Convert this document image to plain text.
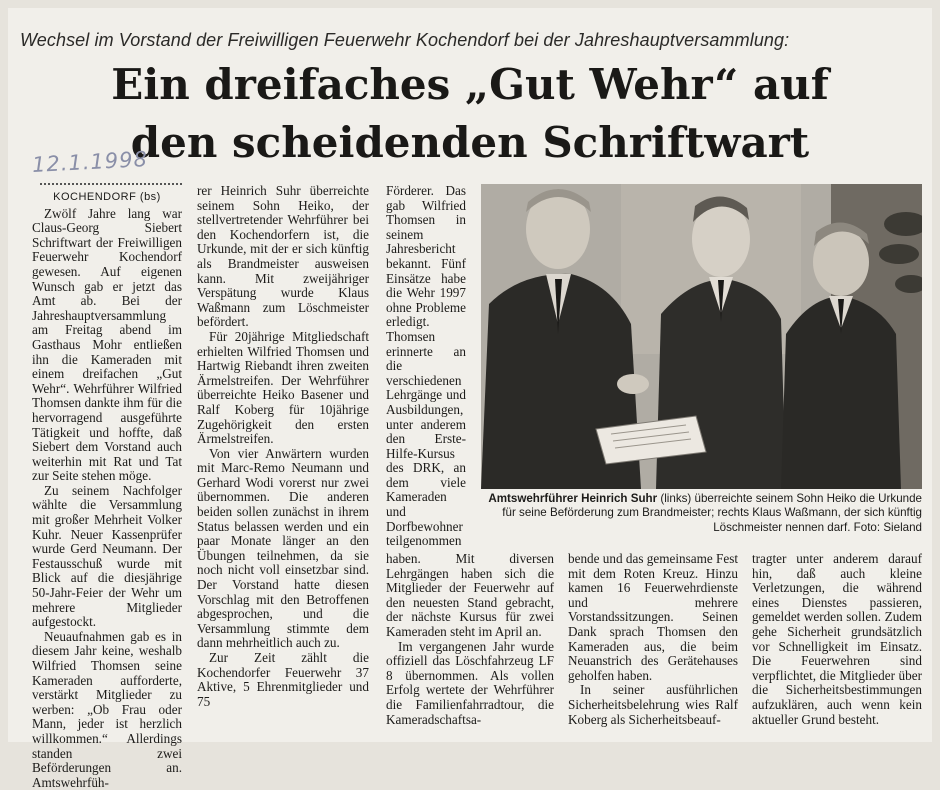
Wechsel im Vorstand der Freiwilligen Feuerwehr Kochendorf bei der Jahreshauptversammlung:
Ein dreifaches „Gut Wehr“ auf
den scheidenden Schriftwart
12.1.1998

KOCHENDORF (bs)

Zwölf Jahre lang war Claus-Georg Siebert Schriftwart der Freiwilligen Feuerwehr Kochendorf gewesen. Auf eigenen Wunsch gab er jetzt das Amt ab. Bei der Jahreshauptversammlung am Freitag abend im Gasthaus Mohr entließen ihn die Kameraden mit einem dreifachen „Gut Wehr“. Wehrführer Wilfried Thomsen dankte ihm für die hervorragend ausgeführte Tätigkeit und hoffte, daß Siebert dem Vorstand auch weiterhin mit Rat und Tat zur Seite stehen möge.

Zu seinem Nachfolger wählte die Versammlung mit großer Mehrheit Volker Kuhr. Neuer Kassenprüfer wurde Gerd Neumann. Der Festausschuß wurde mit Blick auf die diesjährige 50-Jahr-Feier der Wehr um mehrere Mitglieder aufgestockt.

Neuaufnahmen gab es in diesem Jahr keine, weshalb Wilfried Thomsen seine Kameraden aufforderte, verstärkt Mitglieder zu werben: „Ob Frau oder Mann, jeder ist herzlich willkommen.“ Allerdings standen zwei Beförderungen an. Amtswehrfüh-

rer Heinrich Suhr überreichte seinem Sohn Heiko, der stellvertretender Wehrführer bei den Kochendorfern ist, die Urkunde, mit der er sich künftig als Brandmeister ausweisen kann. Mit zweijähriger Verspätung wurde Klaus Waßmann zum Löschmeister befördert.

Für 20jährige Mitgliedschaft erhielten Wilfried Thomsen und Hartwig Riebandt ihren zweiten Ärmelstreifen. Der Wehrführer überreichte Heiko Basener und Ralf Koberg für 10jährige Zugehörigkeit den ersten Ärmelstreifen.

Von vier Anwärtern wurden mit Marc-Remo Neumann und Gerhard Wodi vorerst nur zwei übernommen. Die anderen beiden sollen zunächst in ihrem Status belassen werden und ein paar Monate länger an den Übungen teilnehmen, da sie noch nicht voll einsetzbar sind. Der Vorstand hatte diesen Vorschlag mit den Betroffenen abgesprochen, und die Versammlung stimmte dem dann mehrheitlich auch zu.

Zur Zeit zählt die Kochendorfer Feuerwehr 37 Aktive, 5 Ehrenmitglieder und 75

Förderer. Das gab Wilfried Thomsen in seinem Jahresbericht bekannt. Fünf Einsätze habe die Wehr 1997 ohne Probleme erledigt. Thomsen erinnerte an die verschiedenen Lehrgänge und Ausbildungen, unter anderem den Erste-Hilfe-Kursus des DRK, an dem viele Kameraden und Dorfbewohner teilgenommen

haben. Mit diversen Lehrgängen haben sich die Mitglieder der Feuerwehr auf den neuesten Stand gebracht, der nächste Kursus für zwei Kameraden steht im April an.

Im vergangenen Jahr wurde offiziell das Löschfahrzeug LF 8 übernommen. Als vollen Erfolg wertete der Wehrführer die Familienfahrradtour, die Kameradschaftsa-

bende und das gemeinsame Fest mit dem Roten Kreuz. Hinzu kamen 16 Feuerwehrdienste und mehrere Vorstandssitzungen. Seinen Dank sprach Thomsen den Kameraden aus, die beim Neuanstrich des Gerätehauses geholfen haben.

In seiner ausführlichen Sicherheitsbelehrung wies Ralf Koberg als Sicherheitsbeauf-

tragter unter anderem darauf hin, daß auch kleine Verletzungen, die während eines Dienstes passieren, gemeldet werden sollen. Zudem gehe Sicherheit grundsätzlich vor Schnelligkeit im Einsatz. Die Feuerwehren sind verpflichtet, die Mitglieder über die Sicherheitsbestimmungen aufzuklären, auch wenn kein aktueller Grund besteht.

Amtswehrführer Heinrich Suhr (links) überreichte seinem Sohn Heiko die Urkunde für seine Beförderung zum Brandmeister; rechts Klaus Waßmann, der sich künftig Löschmeister nennen darf. Foto: Sieland
